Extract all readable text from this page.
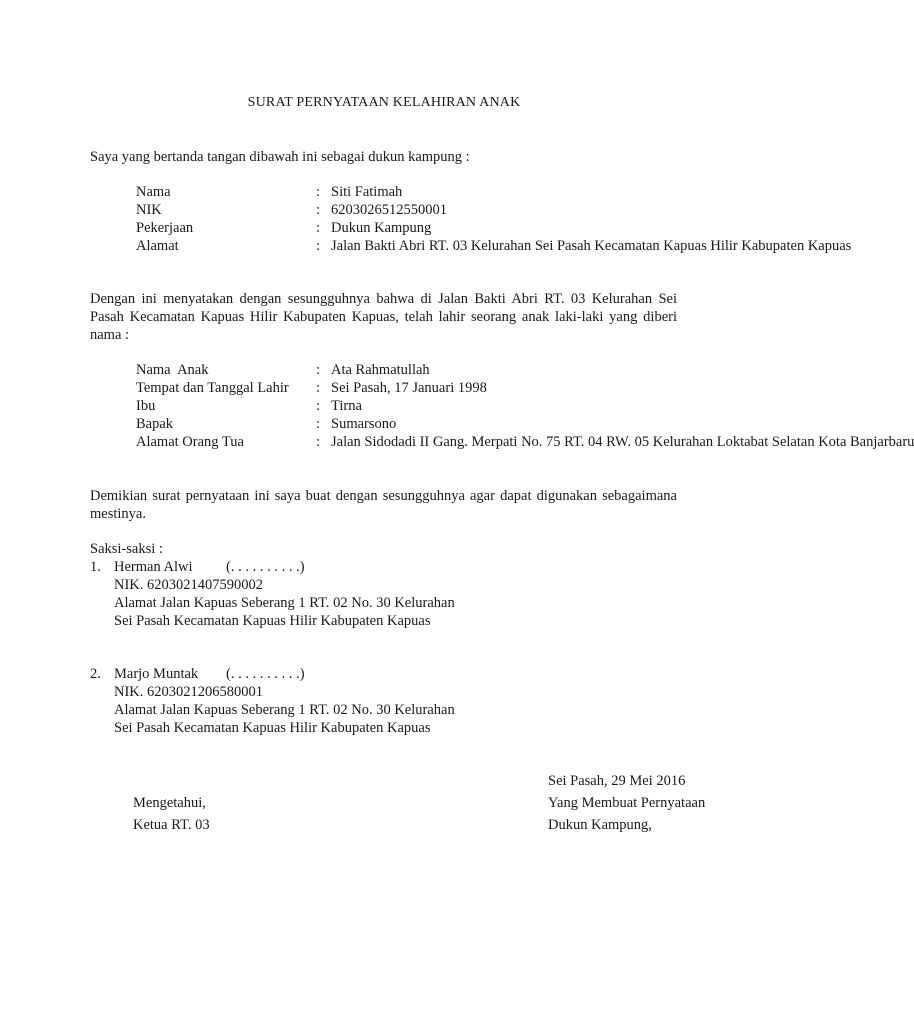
SURAT PERNYATAAN KELAHIRAN ANAK
Saya yang bertanda tangan dibawah ini sebagai dukun kampung :
Nama	: Siti Fatimah
NIK	: 6203026512550001
Pekerjaan	: Dukun Kampung
Alamat	: Jalan Bakti Abri RT. 03 Kelurahan Sei Pasah Kecamatan Kapuas Hilir Kabupaten Kapuas
Dengan ini menyatakan dengan sesungguhnya bahwa di Jalan Bakti Abri RT. 03 Kelurahan Sei Pasah Kecamatan Kapuas Hilir Kabupaten Kapuas, telah lahir seorang anak laki-laki yang diberi nama :
Nama  Anak	: Ata Rahmatullah
Tempat dan Tanggal Lahir : Sei Pasah, 17 Januari 1998
Ibu	: Tirna
Bapak	: Sumarsono
Alamat Orang Tua	: Jalan Sidodadi II Gang. Merpati No. 75 RT. 04 RW. 05 Kelurahan Loktabat Selatan Kota Banjarbaru
Demikian surat pernyataan ini saya buat dengan sesungguhnya agar dapat digunakan sebagaimana mestinya.
Saksi-saksi :
1. Herman Alwi (. . . . . . . . . .)
NIK. 6203021407590002
Alamat Jalan Kapuas Seberang 1 RT. 02 No. 30 Kelurahan
Sei Pasah Kecamatan Kapuas Hilir Kabupaten Kapuas
2. Marjo Muntak (. . . . . . . . . .)
NIK. 6203021206580001
Alamat Jalan Kapuas Seberang 1 RT. 02 No. 30 Kelurahan
Sei Pasah Kecamatan Kapuas Hilir Kabupaten Kapuas
Sei Pasah, 29 Mei 2016
Mengetahui,
Ketua RT. 03
Yang Membuat Pernyataan
Dukun Kampung,
